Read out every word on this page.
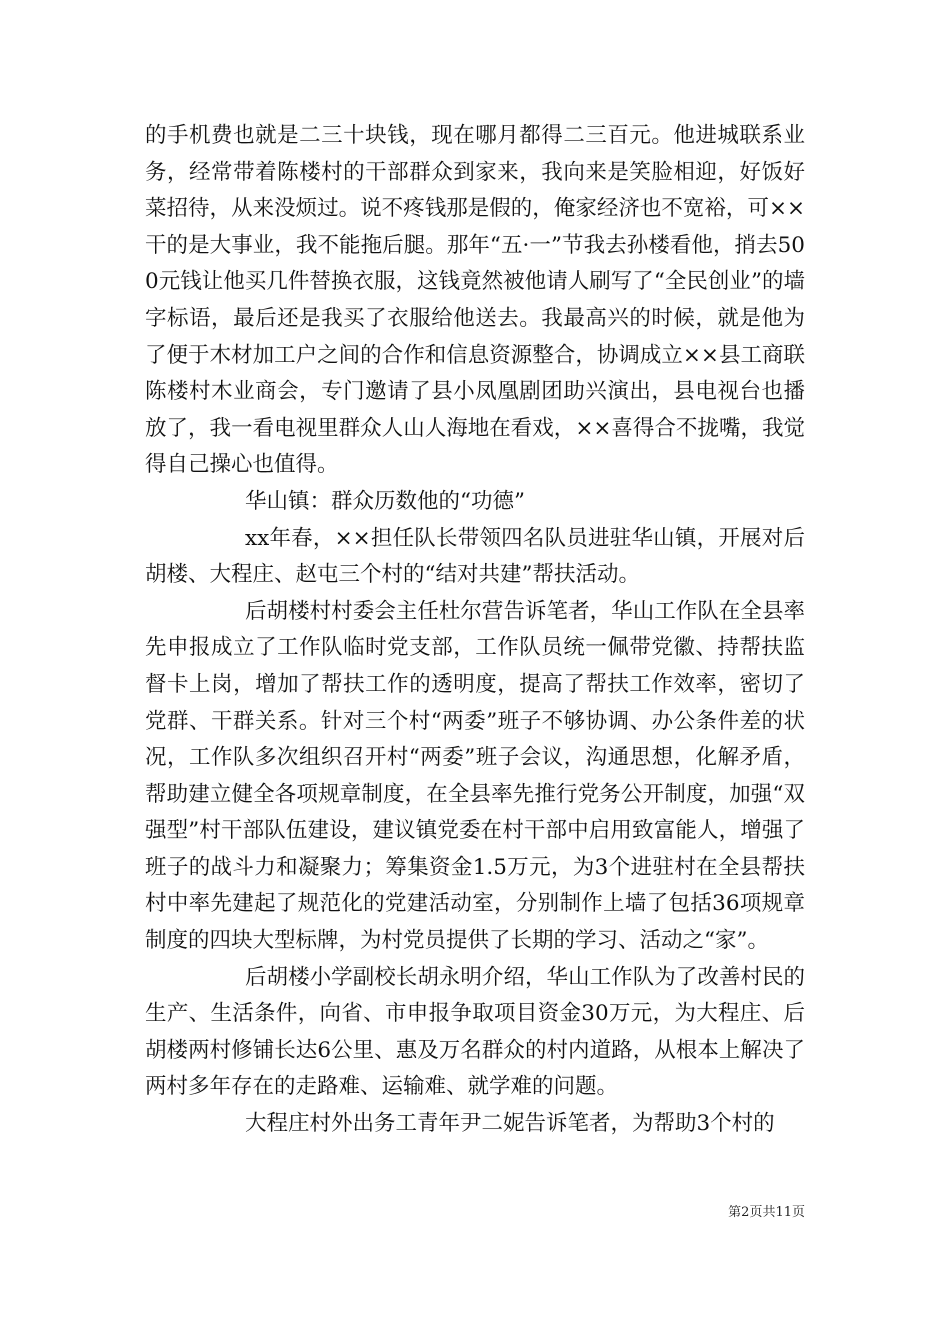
的手机费也就是二三十块钱，现在哪月都得二三百元。他进城联系业务，经常带着陈楼村的干部群众到家来，我向来是笑脸相迎，好饭好菜招待，从来没烦过。说不疼钱那是假的，俺家经济也不宽裕，可××干的是大事业，我不能拖后腿。那年“五·一”节我去孙楼看他，捎去500元钱让他买几件替换衣服，这钱竟然被他请人刷写了“全民创业”的墙字标语，最后还是我买了衣服给他送去。我最高兴的时候，就是他为了便于木材加工户之间的合作和信息资源整合，协调成立××县工商联陈楼村木业商会，专门邀请了县小凤凰剧团助兴演出，县电视台也播放了，我一看电视里群众人山人海地在看戏，××喜得合不拢嘴，我觉得自己操心也值得。

华山镇：群众历数他的“功德”

xx年春，××担任队长带领四名队员进驻华山镇，开展对后胡楼、大程庄、赵屯三个村的“结对共建”帮扶活动。

后胡楼村村委会主任杜尔营告诉笔者，华山工作队在全县率先申报成立了工作队临时党支部，工作队员统一佩带党徽、持帮扶监督卡上岗，增加了帮扶工作的透明度，提高了帮扶工作效率，密切了党群、干群关系。针对三个村“两委”班子不够协调、办公条件差的状况，工作队多次组织召开村“两委”班子会议，沟通思想，化解矛盾，帮助建立健全各项规章制度，在全县率先推行党务公开制度，加强“双强型”村干部队伍建设，建议镇党委在村干部中启用致富能人，增强了班子的战斗力和凝聚力；筹集资金1.5万元，为3个进驻村在全县帮扶村中率先建起了规范化的党建活动室，分别制作上墙了包括36项规章制度的四块大型标牌，为村党员提供了长期的学习、活动之“家”。

后胡楼小学副校长胡永明介绍，华山工作队为了改善村民的生产、生活条件，向省、市申报争取项目资金30万元，为大程庄、后胡楼两村修铺长达6公里、惠及万名群众的村内道路，从根本上解决了两村多年存在的走路难、运输难、就学难的问题。

大程庄村外出务工青年尹二妮告诉笔者，为帮助3个村的

第2页共11页
